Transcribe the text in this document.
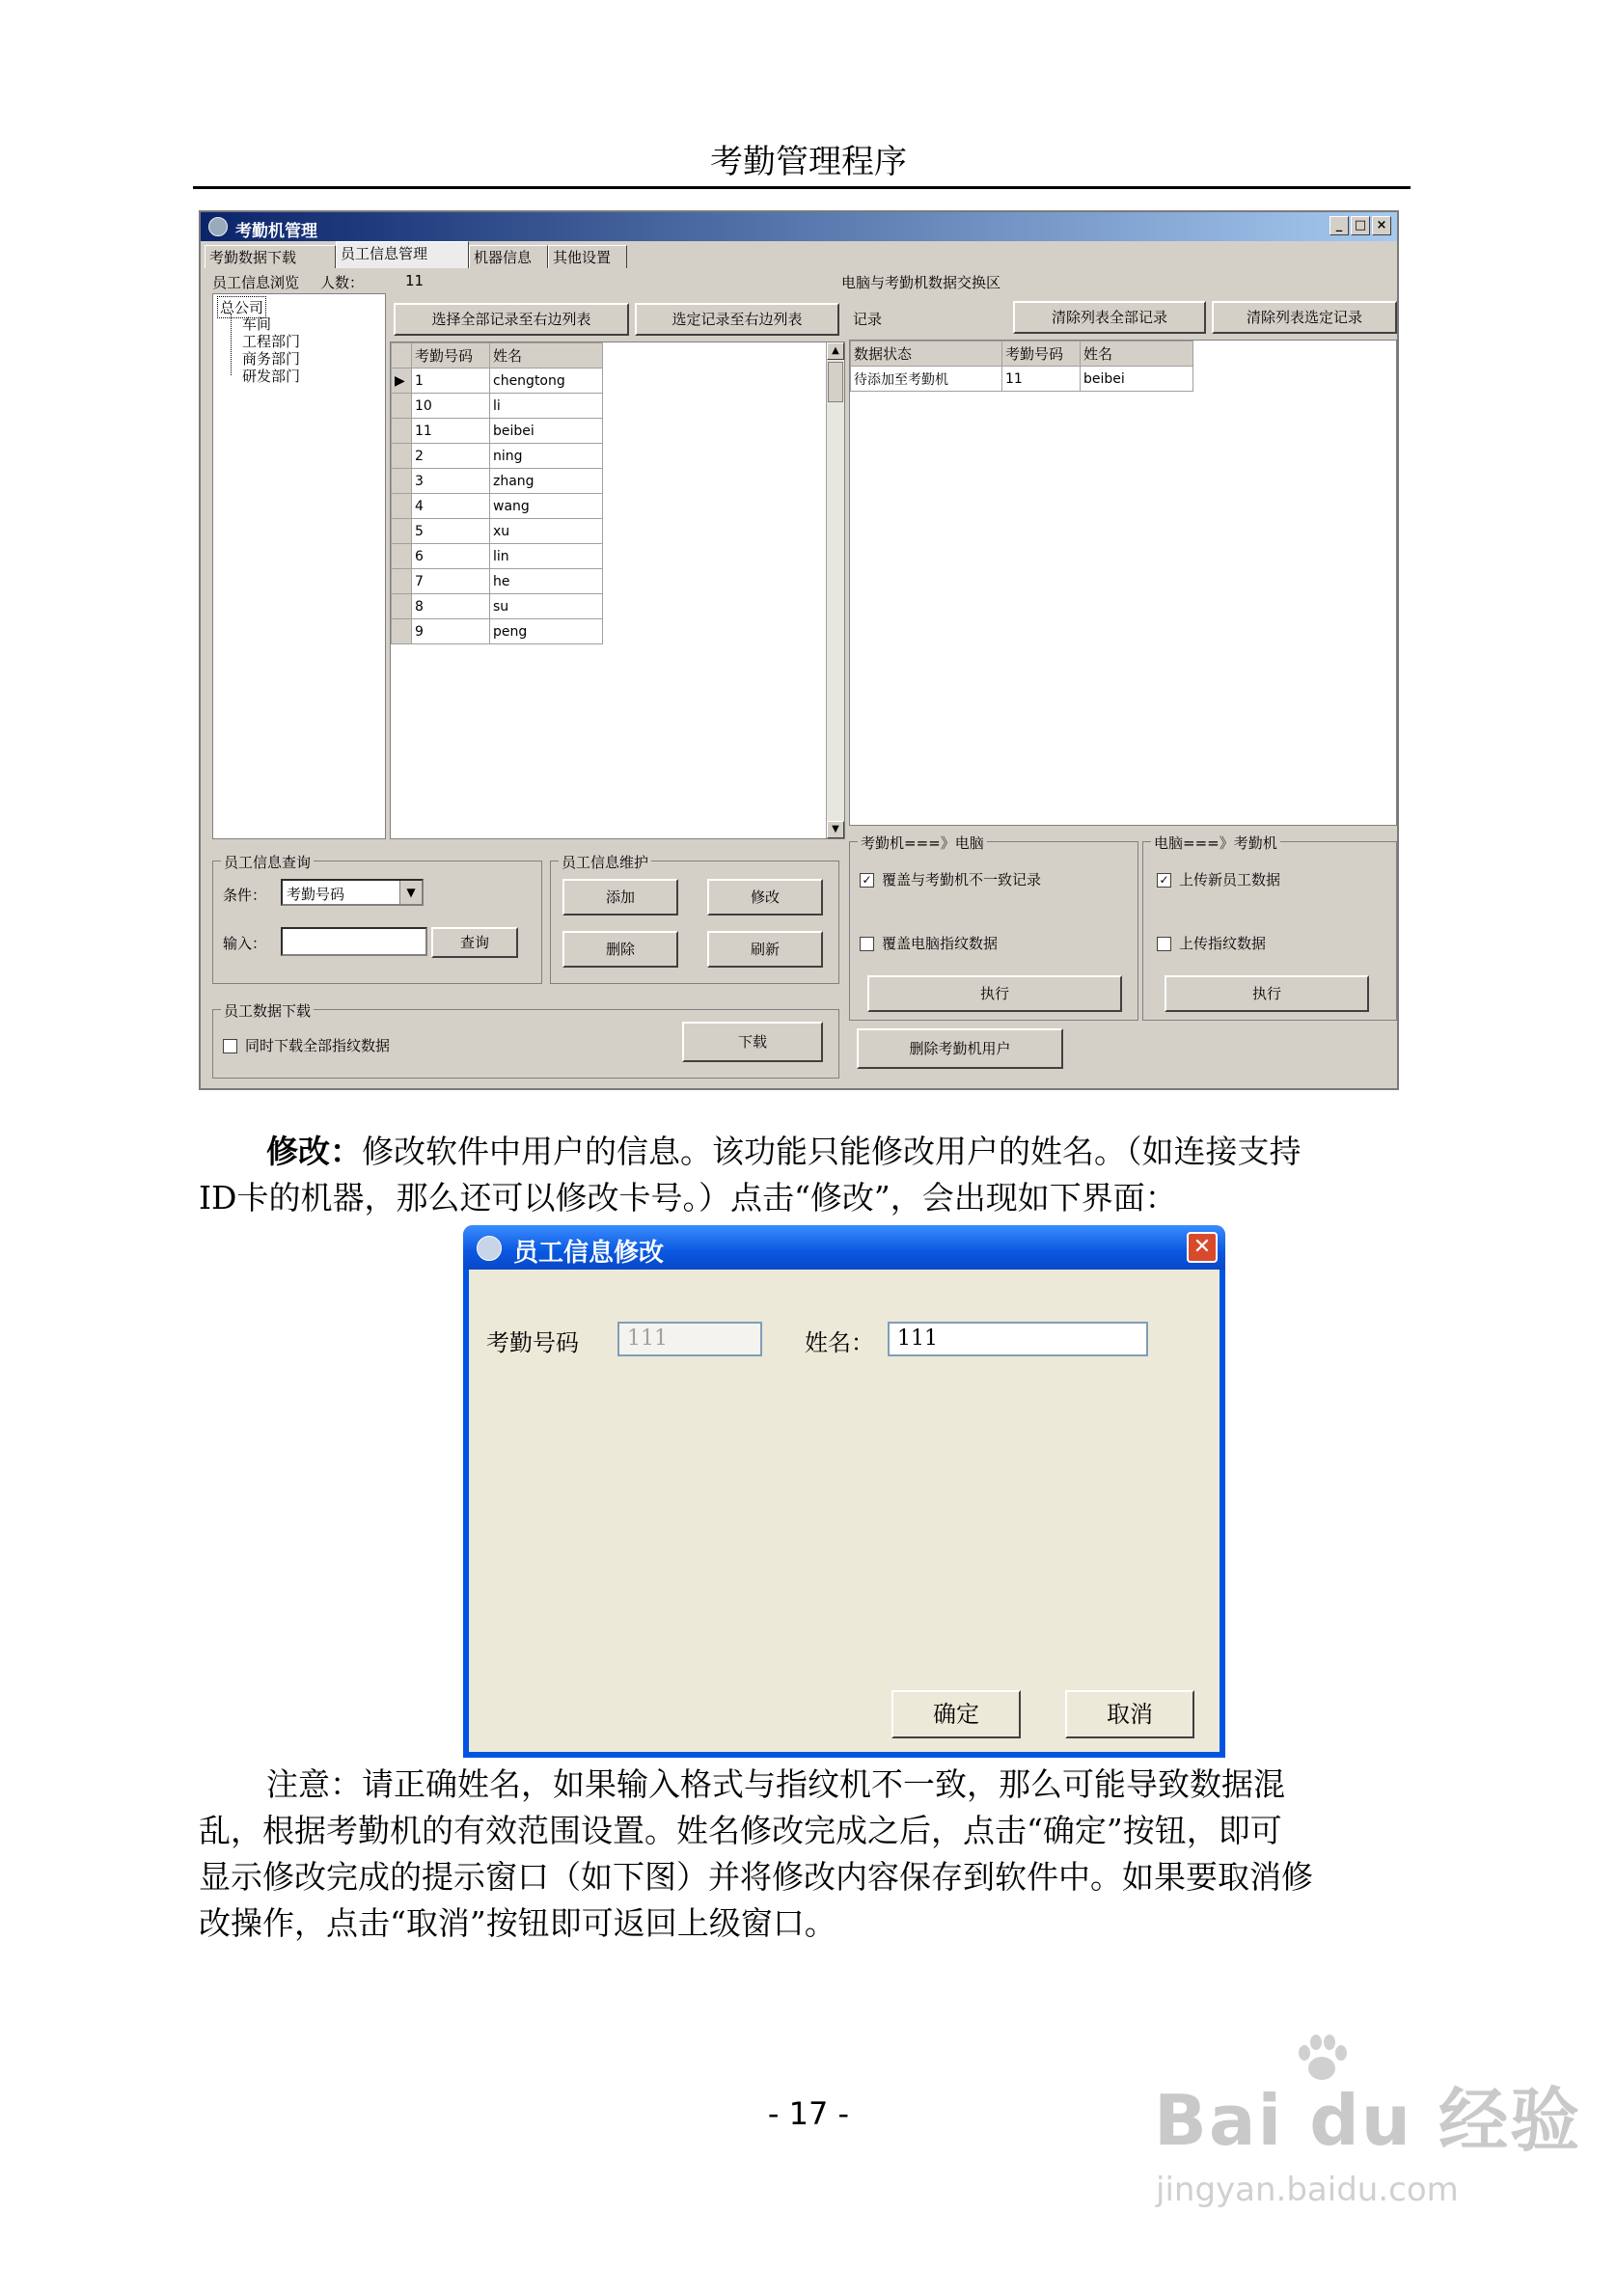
考勤管理程序
考勤机管理	_ □ ×
考勤数据下载	员工信息管理	机器信息	其他设置
员工信息浏览 人数：	11
总公司
车间
工程部门
商务部门
研发部门
选择全部记录至右边列表	选定记录至右边列表
	考勤号码	姓名
▶	1	chengtong
	10	li
	11	beibei
	2	ning
	3	zhang
	4	wang
	5	xu
	6	lin
	7	he
	8	su
	9	peng
▲
▼
电脑与考勤机数据交换区
记录	清除列表全部记录	清除列表选定记录
数据状态	考勤号码	姓名
待添加至考勤机	11	beibei
员工信息查询
条件： 考勤号码	▼
输入：	查询
员工信息维护
添加	修改
删除	刷新
员工数据下载
同时下载全部指纹数据	下载
考勤机===》电脑
✓ 覆盖与考勤机不一致记录
覆盖电脑指纹数据
执行
电脑===》考勤机
✓ 上传新员工数据
上传指纹数据
执行
删除考勤机用户
修改：修改软件中用户的信息。该功能只能修改用户的姓名。（如连接支持
ID卡的机器，那么还可以修改卡号。）点击“修改”，会出现如下界面：
员工信息修改	✕
考勤号码	111	姓名：	111
确定	取消
注意：请正确姓名，如果输入格式与指纹机不一致，那么可能导致数据混
乱，根据考勤机的有效范围设置。姓名修改完成之后，点击“确定”按钮，即可
显示修改完成的提示窗口（如下图）并将修改内容保存到软件中。如果要取消修
改操作，点击“取消”按钮即可返回上级窗口。
- 17 -	Bai du 经验
jingyan.baidu.com
